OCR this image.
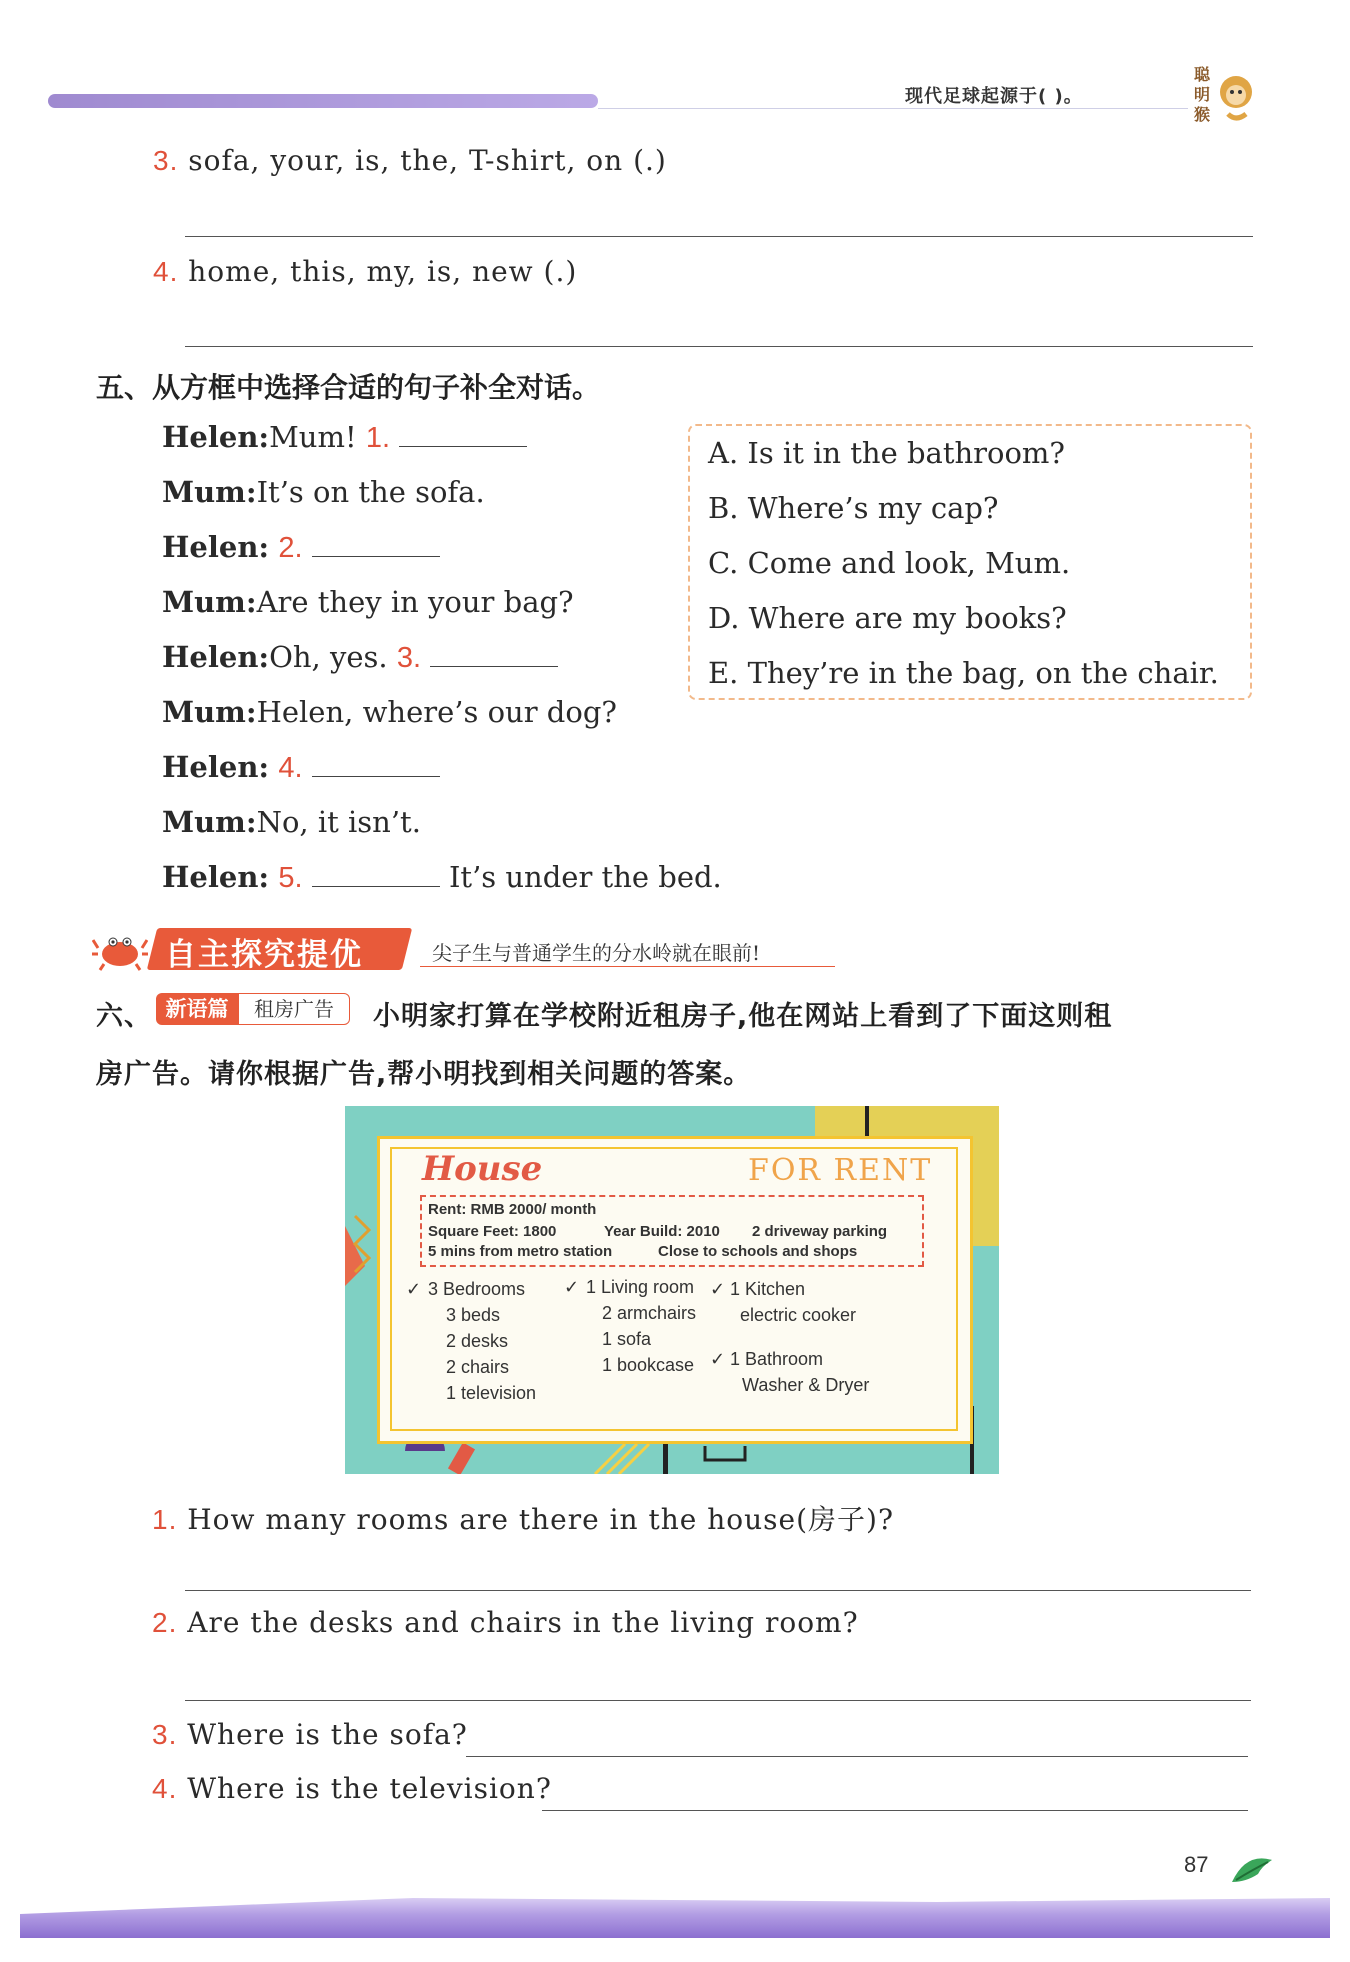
现代足球起源于( )。
聪
明
猴
3. sofa, your, is, the, T-shirt, on (.)
4. home, this, my, is, new (.)
五、从方框中选择合适的句子补全对话。
Helen:Mum! 1.
Mum:It’s on the sofa.
Helen: 2.
Mum:Are they in your bag?
Helen:Oh, yes. 3.
Mum:Helen, where’s our dog?
Helen: 4.
Mum:No, it isn’t.
Helen: 5.	It’s under the bed.
A. Is it in the bathroom?
B. Where’s my cap?
C. Come and look, Mum.
D. Where are my books?
E. They’re in the bag, on the chair.
自主探究提优	尖子生与普通学生的分水岭就在眼前!
六、 新语篇	租房广告	小明家打算在学校附近租房子,他在网站上看到了下面这则租
房广告。请你根据广告,帮小明找到相关问题的答案。
House	FOR RENT
Rent: RMB 2000/ month
Square Feet: 1800	Year Build: 2010 2 driveway parking
5 mins from metro station	Close to schools and shops
✓ 3 Bedrooms
3 beds
2 desks
2 chairs
1 television
✓ 1 Living room
2 armchairs
1 sofa
1 bookcase
✓ 1 Kitchen
electric cooker
✓ 1 Bathroom
Washer & Dryer
1. How many rooms are there in the house(房子)?
2. Are the desks and chairs in the living room?
3. Where is the sofa?
4. Where is the television?
87
